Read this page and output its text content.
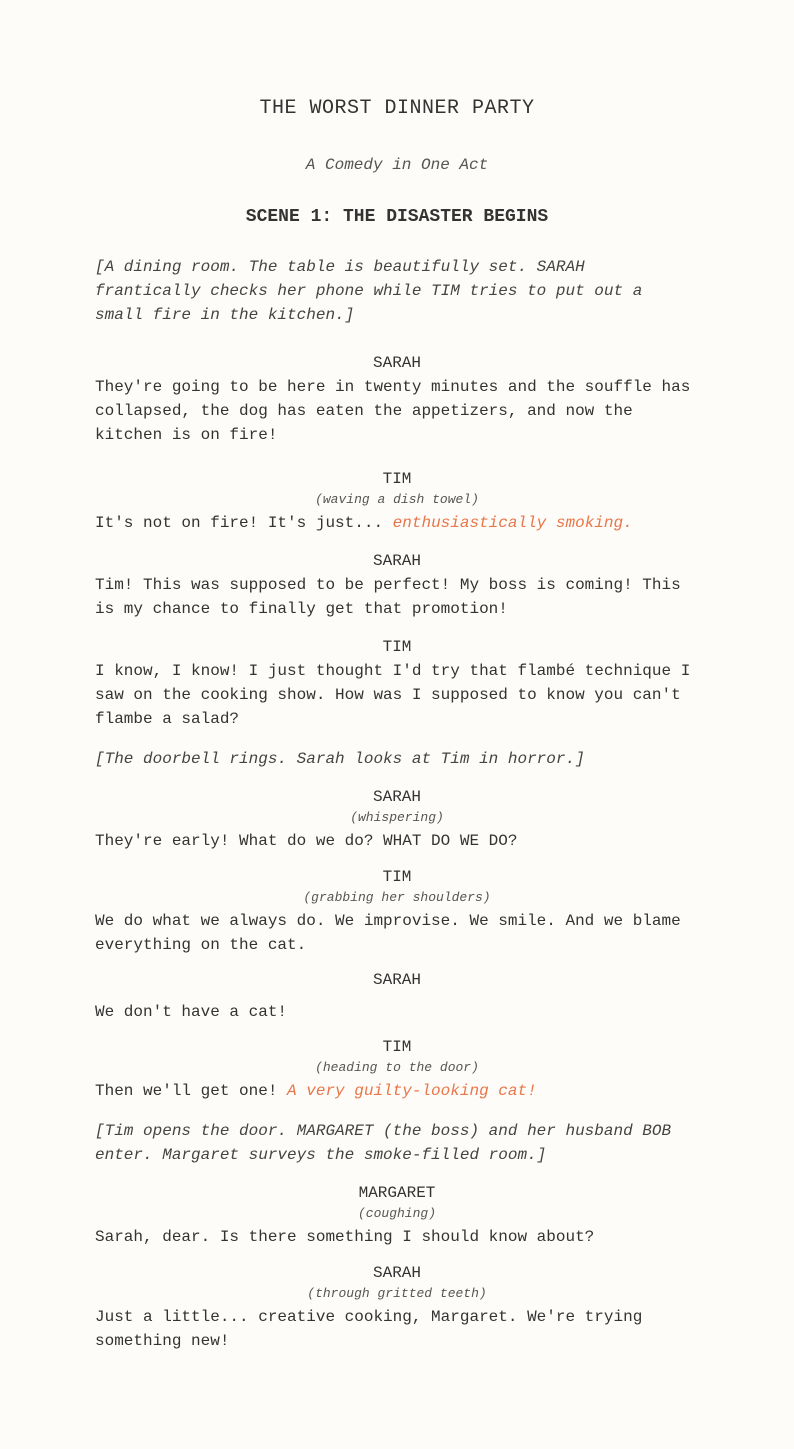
THE WORST DINNER PARTY

A Comedy in One Act

SCENE 1: THE DISASTER BEGINS

[A dining room. The table is beautifully set. SARAH frantically checks her phone while TIM tries to put out a small fire in the kitchen.]

SARAH

They're going to be here in twenty minutes and the souffle has collapsed, the dog has eaten the appetizers, and now the kitchen is on fire!

TIM

(waving a dish towel)

It's not on fire! It's just... enthusiastically smoking.

SARAH

Tim! This was supposed to be perfect! My boss is coming! This is my chance to finally get that promotion!

TIM

I know, I know! I just thought I'd try that flambé technique I saw on the cooking show. How was I supposed to know you can't flambe a salad?

[The doorbell rings. Sarah looks at Tim in horror.]

SARAH

(whispering)

They're early! What do we do? WHAT DO WE DO?

TIM

(grabbing her shoulders)

We do what we always do. We improvise. We smile. And we blame everything on the cat.

SARAH

We don't have a cat!

TIM

(heading to the door)

Then we'll get one! A very guilty-looking cat!

[Tim opens the door. MARGARET (the boss) and her husband BOB enter. Margaret surveys the smoke-filled room.]

MARGARET

(coughing)

Sarah, dear. Is there something I should know about?

SARAH

(through gritted teeth)

Just a little... creative cooking, Margaret. We're trying something new!
